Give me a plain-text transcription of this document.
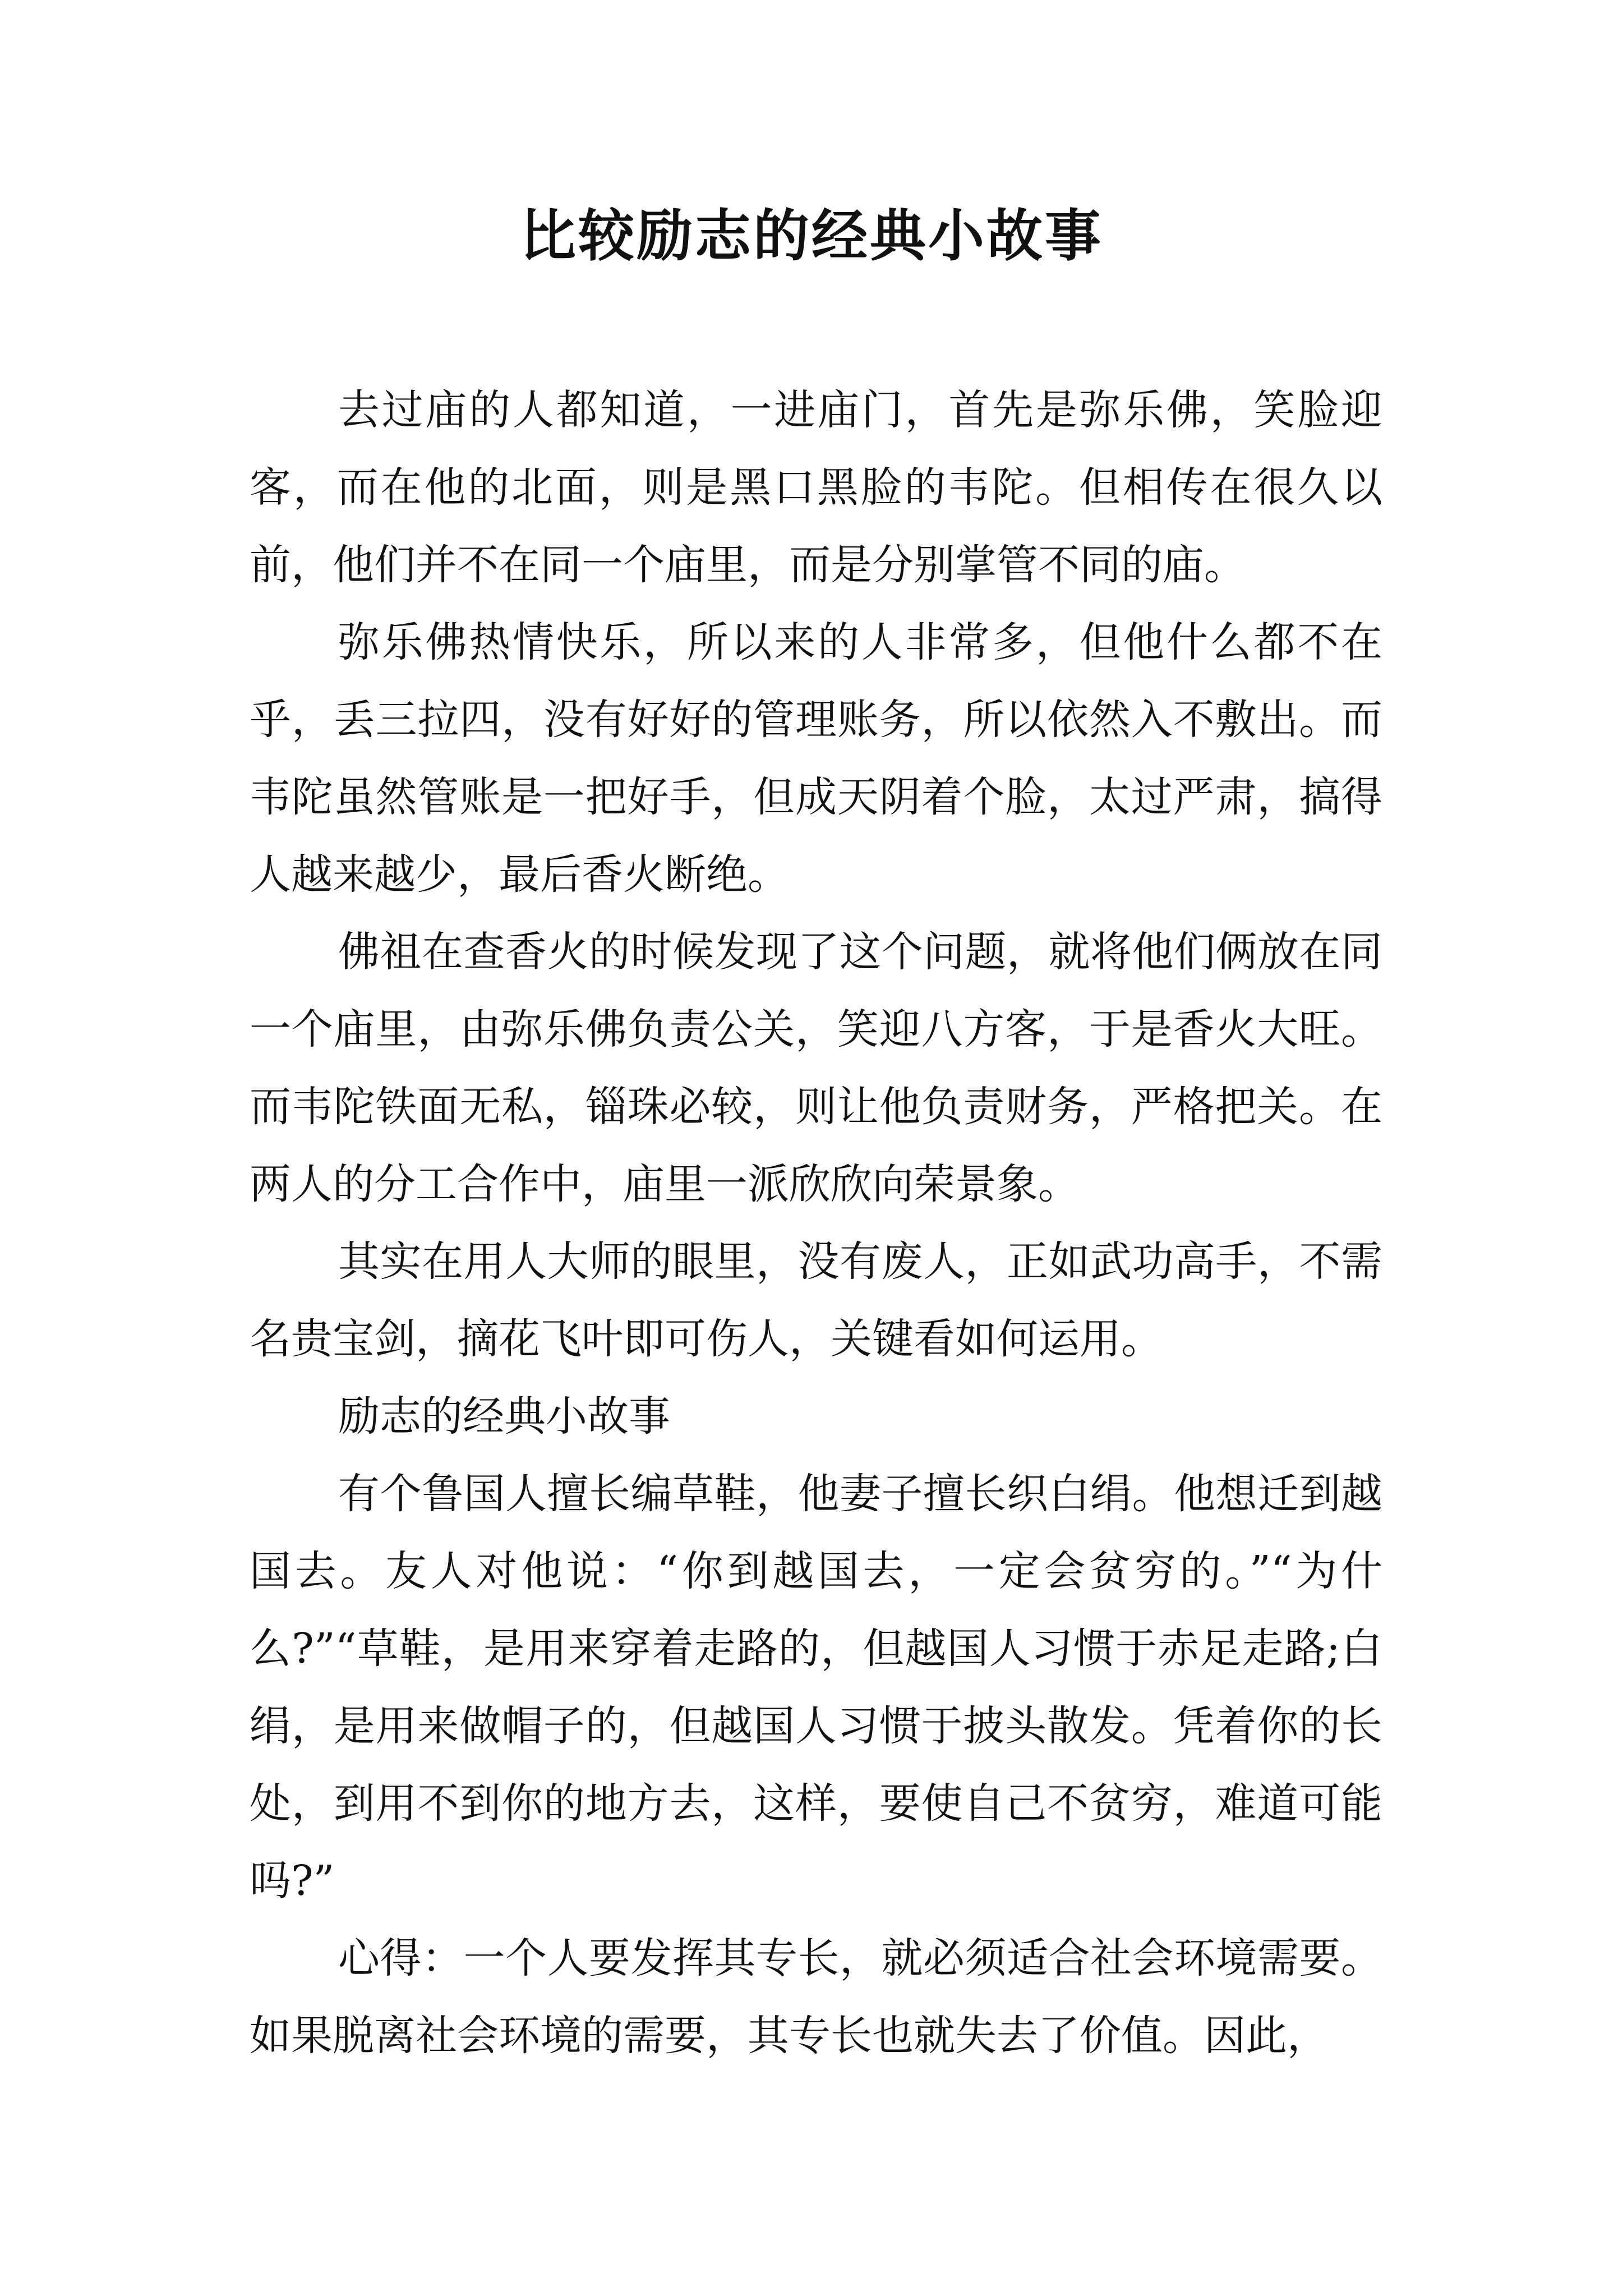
比较励志的经典小故事

去过庙的人都知道，一进庙门，首先是弥乐佛，笑脸迎客，而在他的北面，则是黑口黑脸的韦陀。但相传在很久以前，他们并不在同一个庙里，而是分别掌管不同的庙。

弥乐佛热情快乐，所以来的人非常多，但他什么都不在乎，丢三拉四，没有好好的管理账务，所以依然入不敷出。而韦陀虽然管账是一把好手，但成天阴着个脸，太过严肃，搞得人越来越少，最后香火断绝。

佛祖在查香火的时候发现了这个问题，就将他们俩放在同一个庙里，由弥乐佛负责公关，笑迎八方客，于是香火大旺。而韦陀铁面无私，锱珠必较，则让他负责财务，严格把关。在两人的分工合作中，庙里一派欣欣向荣景象。

其实在用人大师的眼里，没有废人，正如武功高手，不需名贵宝剑，摘花飞叶即可伤人，关键看如何运用。

励志的经典小故事

有个鲁国人擅长编草鞋，他妻子擅长织白绢。他想迁到越国去。友人对他说：“你到越国去，一定会贫穷的。”“为什么?”“草鞋，是用来穿着走路的，但越国人习惯于赤足走路;白绢，是用来做帽子的，但越国人习惯于披头散发。凭着你的长处，到用不到你的地方去，这样，要使自己不贫穷，难道可能吗?”

心得：一个人要发挥其专长，就必须适合社会环境需要。如果脱离社会环境的需要，其专长也就失去了价值。因此，
